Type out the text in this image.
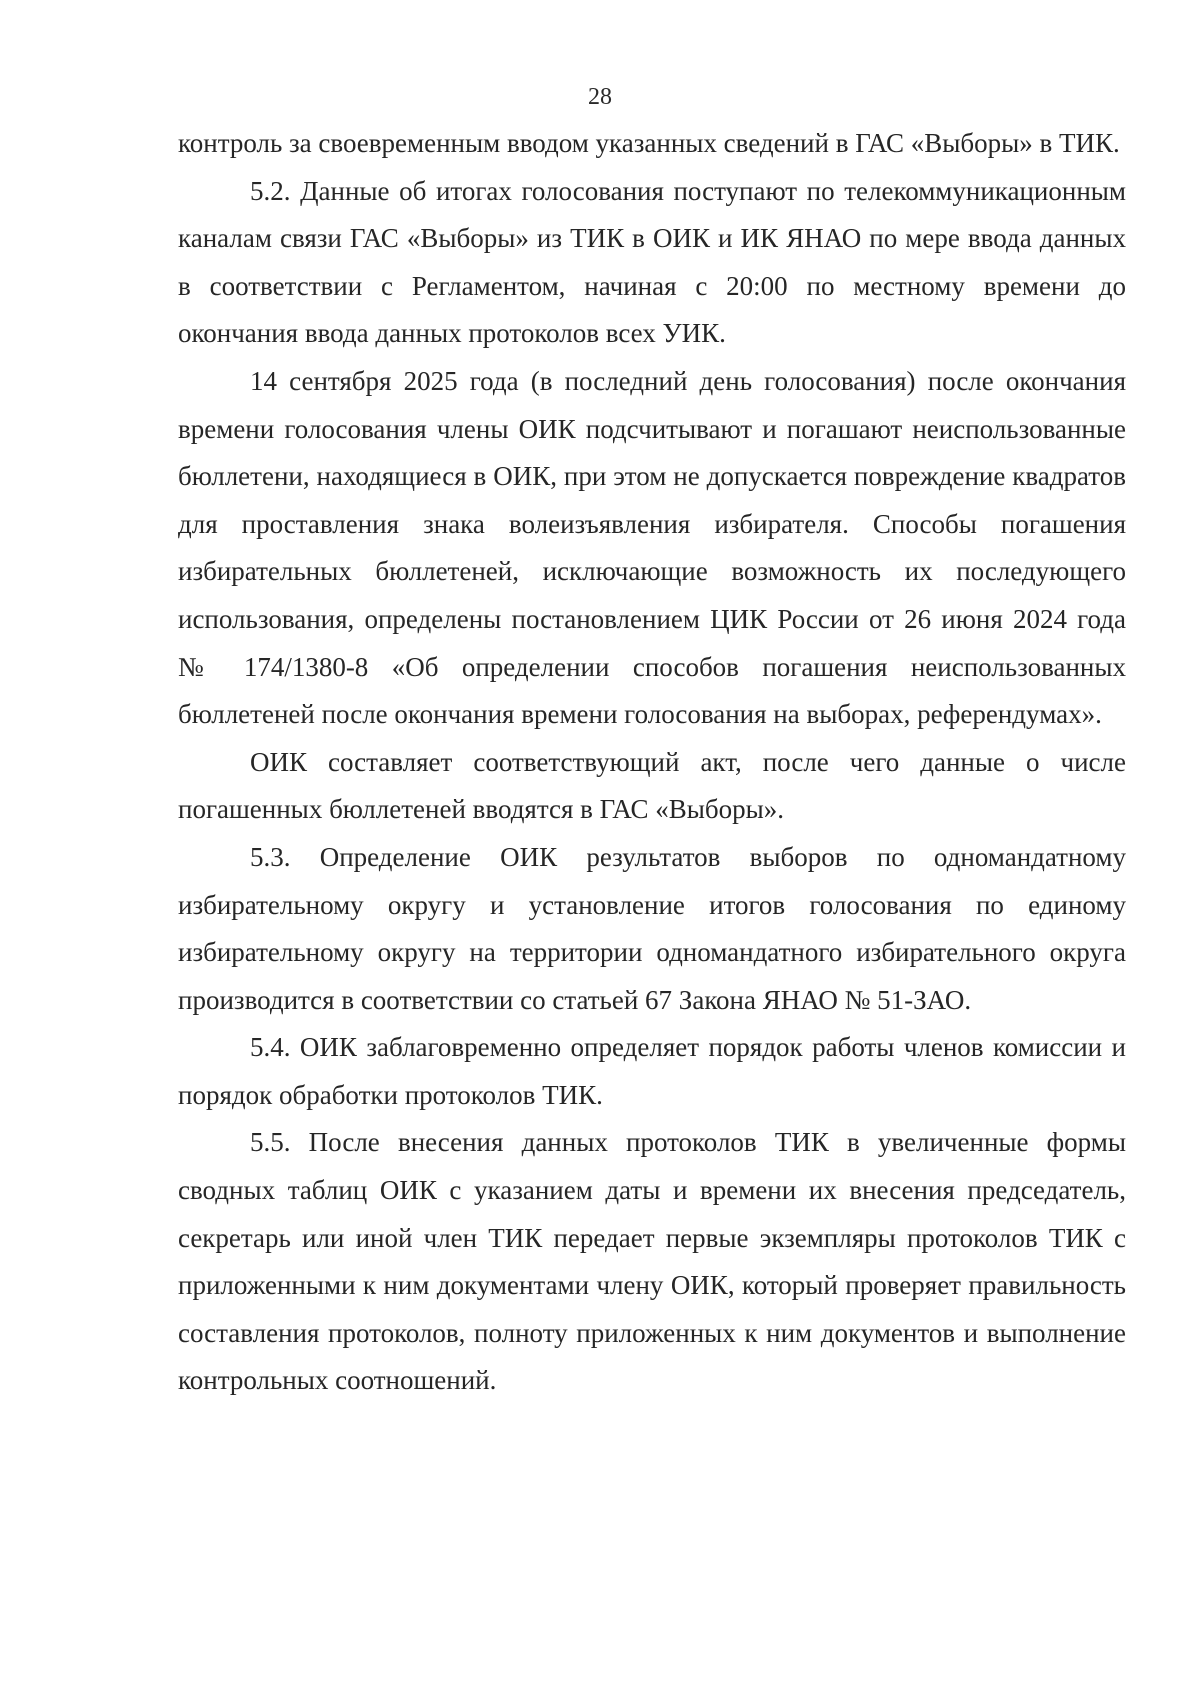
28

контроль за своевременным вводом указанных сведений в ГАС «Выборы» в ТИК.

5.2. Данные об итогах голосования поступают по телекоммуникационным каналам связи ГАС «Выборы» из ТИК в ОИК и ИК ЯНАО по мере ввода данных в соответствии с Регламентом, начиная с 20:00 по местному времени до окончания ввода данных протоколов всех УИК.

14 сентября 2025 года (в последний день голосования) после окончания времени голосования члены ОИК подсчитывают и погашают неиспользованные бюллетени, находящиеся в ОИК, при этом не допускается повреждение квадратов для проставления знака волеизъявления избирателя. Способы погашения избирательных бюллетеней, исключающие возможность их последующего использования, определены постановлением ЦИК России от 26 июня 2024 года № 174/1380-8 «Об определении способов погашения неиспользованных бюллетеней после окончания времени голосования на выборах, референдумах».

ОИК составляет соответствующий акт, после чего данные о числе погашенных бюллетеней вводятся в ГАС «Выборы».

5.3. Определение ОИК результатов выборов по одномандатному избирательному округу и установление итогов голосования по единому избирательному округу на территории одномандатного избирательного округа производится в соответствии со статьей 67 Закона ЯНАО № 51-ЗАО.

5.4. ОИК заблаговременно определяет порядок работы членов комиссии и порядок обработки протоколов ТИК.

5.5. После внесения данных протоколов ТИК в увеличенные формы сводных таблиц ОИК с указанием даты и времени их внесения председатель, секретарь или иной член ТИК передает первые экземпляры протоколов ТИК с приложенными к ним документами члену ОИК, который проверяет правильность составления протоколов, полноту приложенных к ним документов и выполнение контрольных соотношений.
